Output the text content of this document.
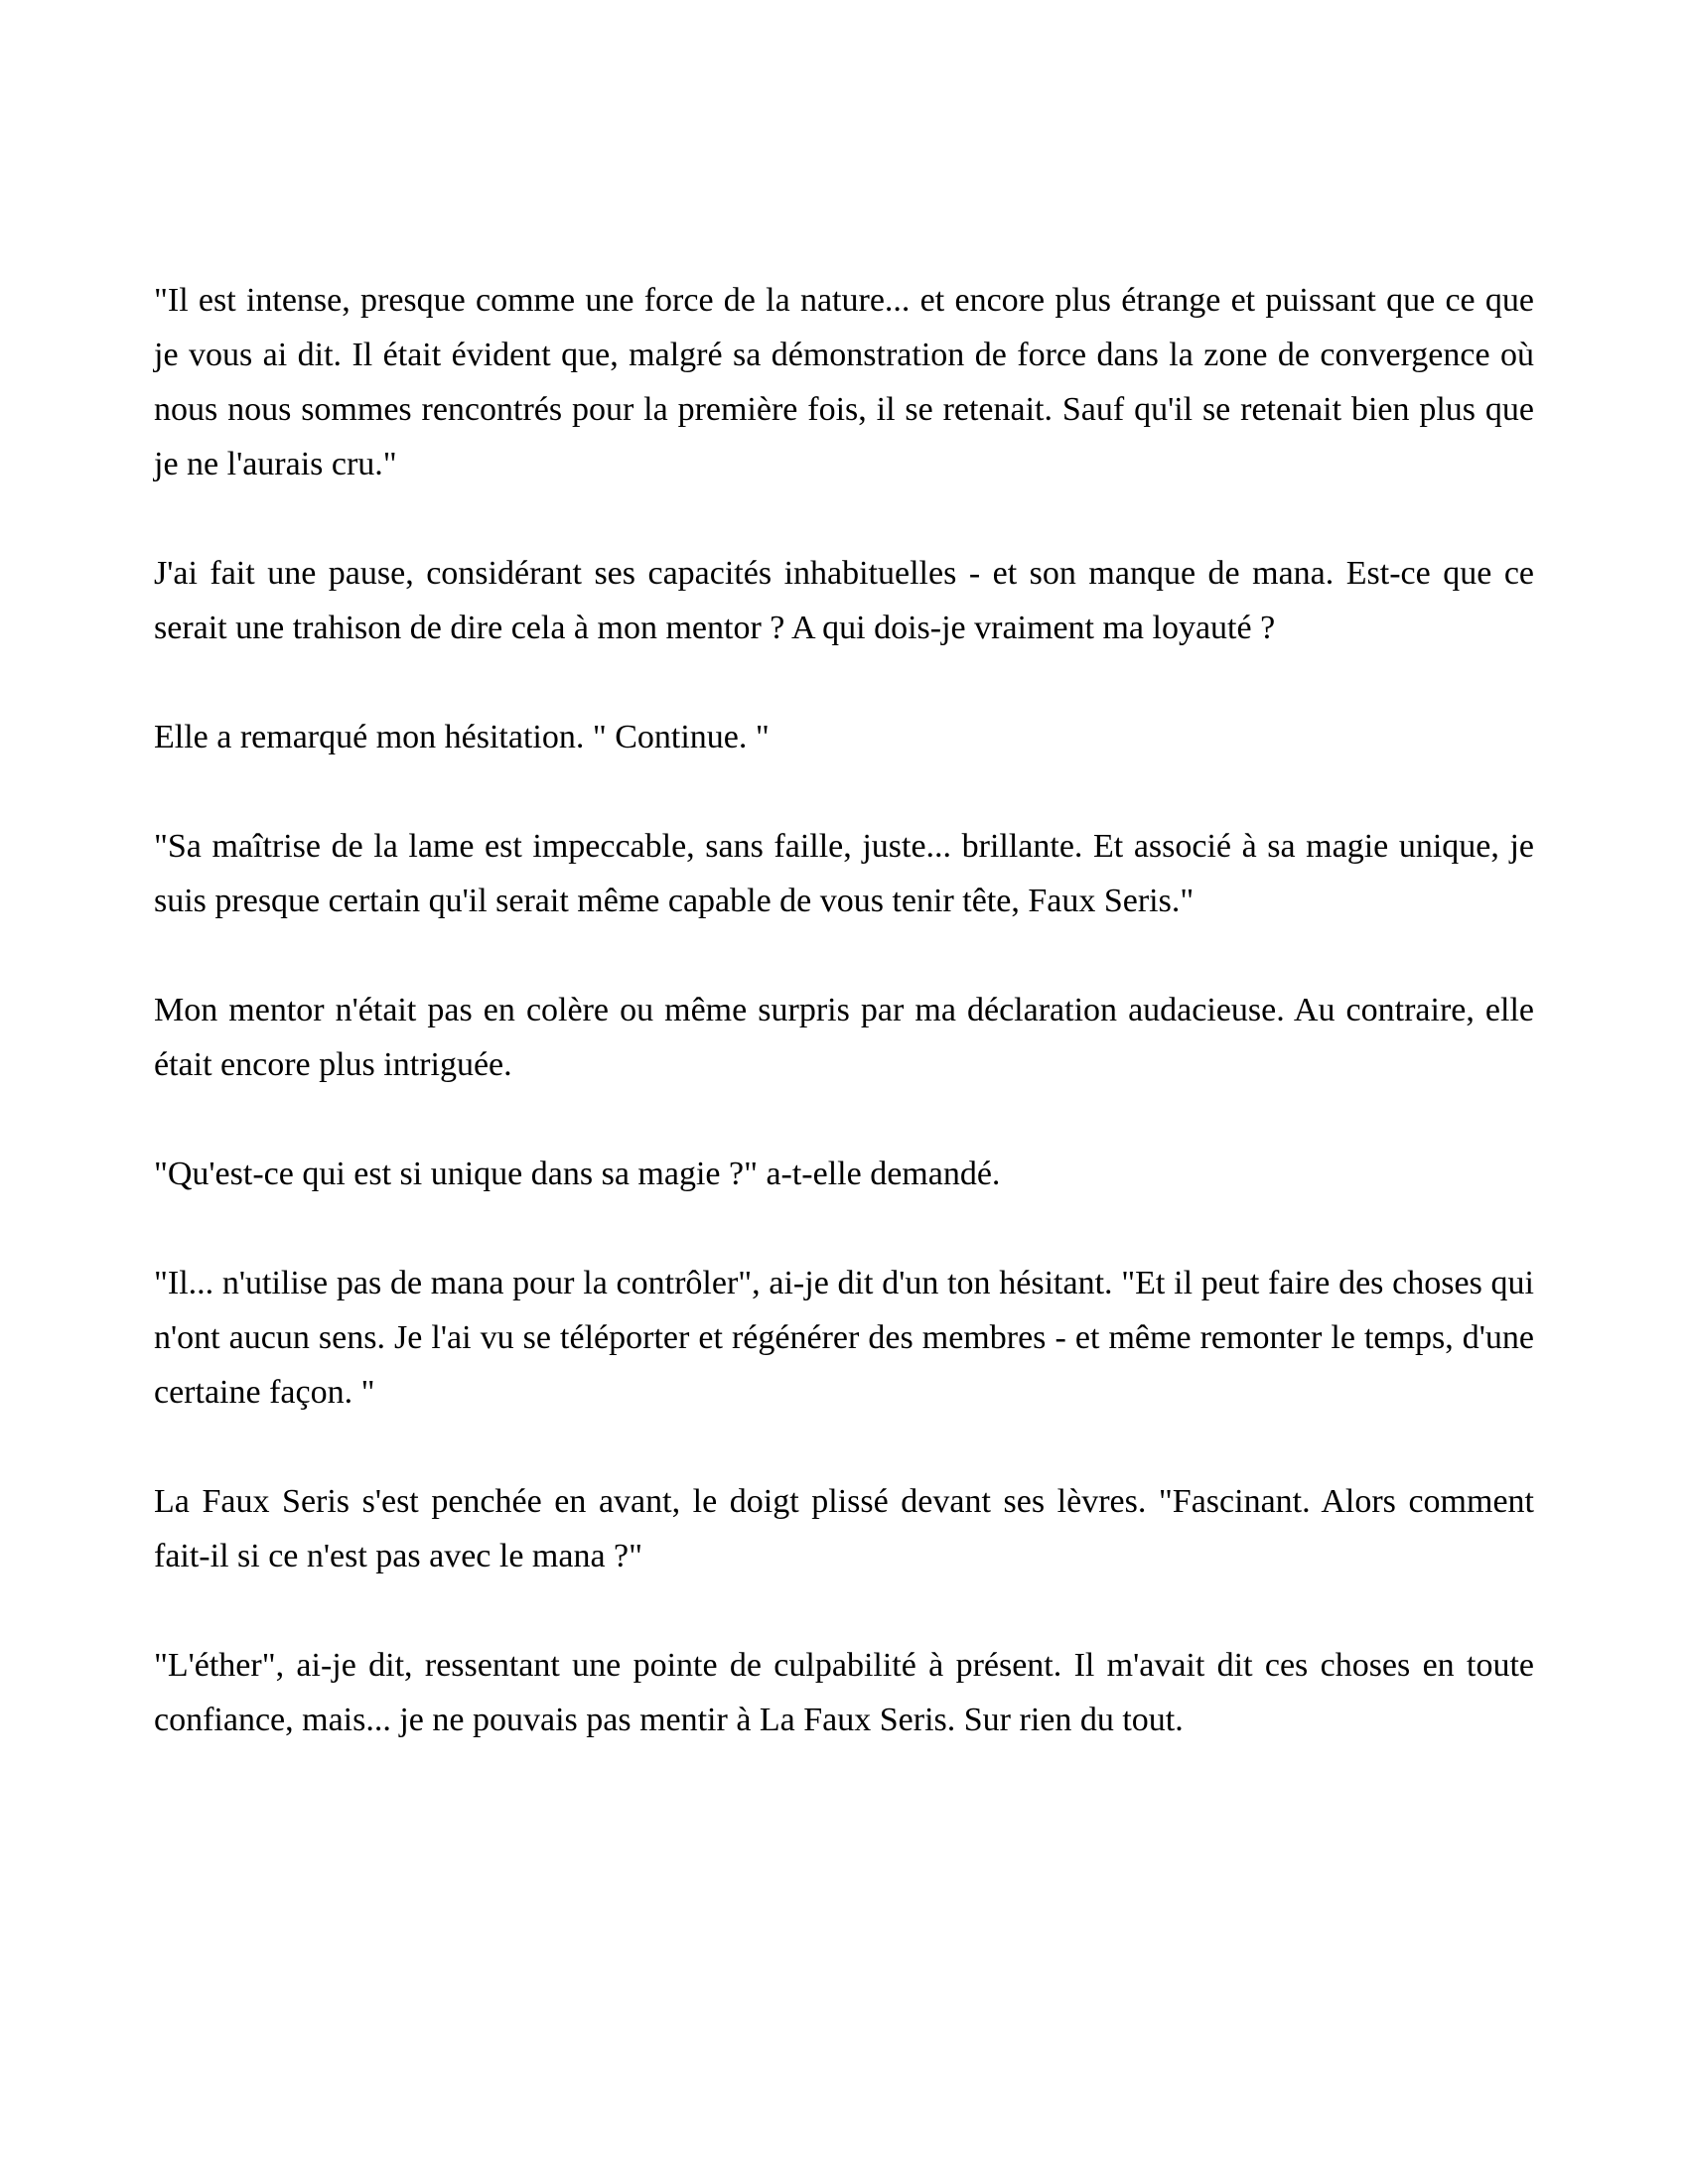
"Il est intense, presque comme une force de la nature... et encore plus étrange et puissant que ce que je vous ai dit. Il était évident que, malgré sa démonstration de force dans la zone de convergence où nous nous sommes rencontrés pour la première fois, il se retenait. Sauf qu'il se retenait bien plus que je ne l'aurais cru."

J'ai fait une pause, considérant ses capacités inhabituelles - et son manque de mana. Est-ce que ce serait une trahison de dire cela à mon mentor ? A qui dois-je vraiment ma loyauté ?

Elle a remarqué mon hésitation. " Continue. "

"Sa maîtrise de la lame est impeccable, sans faille, juste... brillante. Et associé à sa magie unique, je suis presque certain qu'il serait même capable de vous tenir tête, Faux Seris."

Mon mentor n'était pas en colère ou même surpris par ma déclaration audacieuse. Au contraire, elle était encore plus intriguée.

"Qu'est-ce qui est si unique dans sa magie ?" a-t-elle demandé.

"Il... n'utilise pas de mana pour la contrôler", ai-je dit d'un ton hésitant. "Et il peut faire des choses qui n'ont aucun sens. Je l'ai vu se téléporter et régénérer des membres - et même remonter le temps, d'une certaine façon. "

La Faux Seris s'est penchée en avant, le doigt plissé devant ses lèvres. "Fascinant. Alors comment fait-il si ce n'est pas avec le mana ?"

"L'éther", ai-je dit, ressentant une pointe de culpabilité à présent. Il m'avait dit ces choses en toute confiance, mais... je ne pouvais pas mentir à La Faux Seris. Sur rien du tout.
